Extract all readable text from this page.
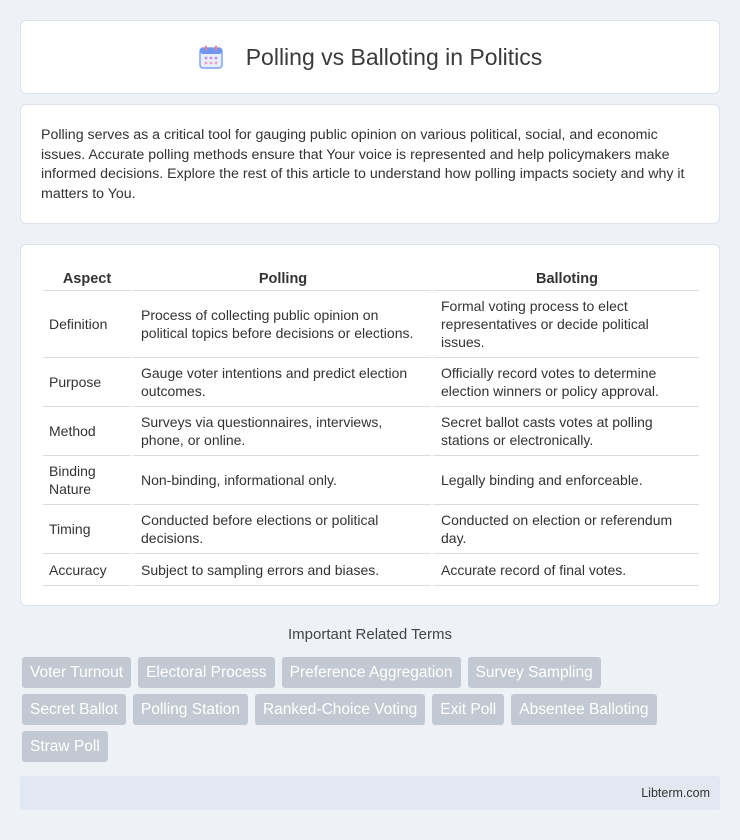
Polling vs Balloting in Politics

Polling serves as a critical tool for gauging public opinion on various political, social, and economic issues. Accurate polling methods ensure that Your voice is represented and help policymakers make informed decisions. Explore the rest of this article to understand how polling impacts society and why it matters to You.

Aspect	Polling	Balloting
Definition	Process of collecting public opinion on political topics before decisions or elections.	Formal voting process to elect representatives or decide political issues.
Purpose	Gauge voter intentions and predict election outcomes.	Officially record votes to determine election winners or policy approval.
Method	Surveys via questionnaires, interviews, phone, or online.	Secret ballot casts votes at polling stations or electronically.
Binding Nature	Non-binding, informational only.	Legally binding and enforceable.
Timing	Conducted before elections or political decisions.	Conducted on election or referendum day.
Accuracy	Subject to sampling errors and biases.	Accurate record of final votes.
Important Related Terms
Voter Turnout	Electoral Process	Preference Aggregation	Survey Sampling
Secret Ballot	Polling Station	Ranked-Choice Voting	Exit Poll	Absentee Balloting
Straw Poll
Libterm.com
